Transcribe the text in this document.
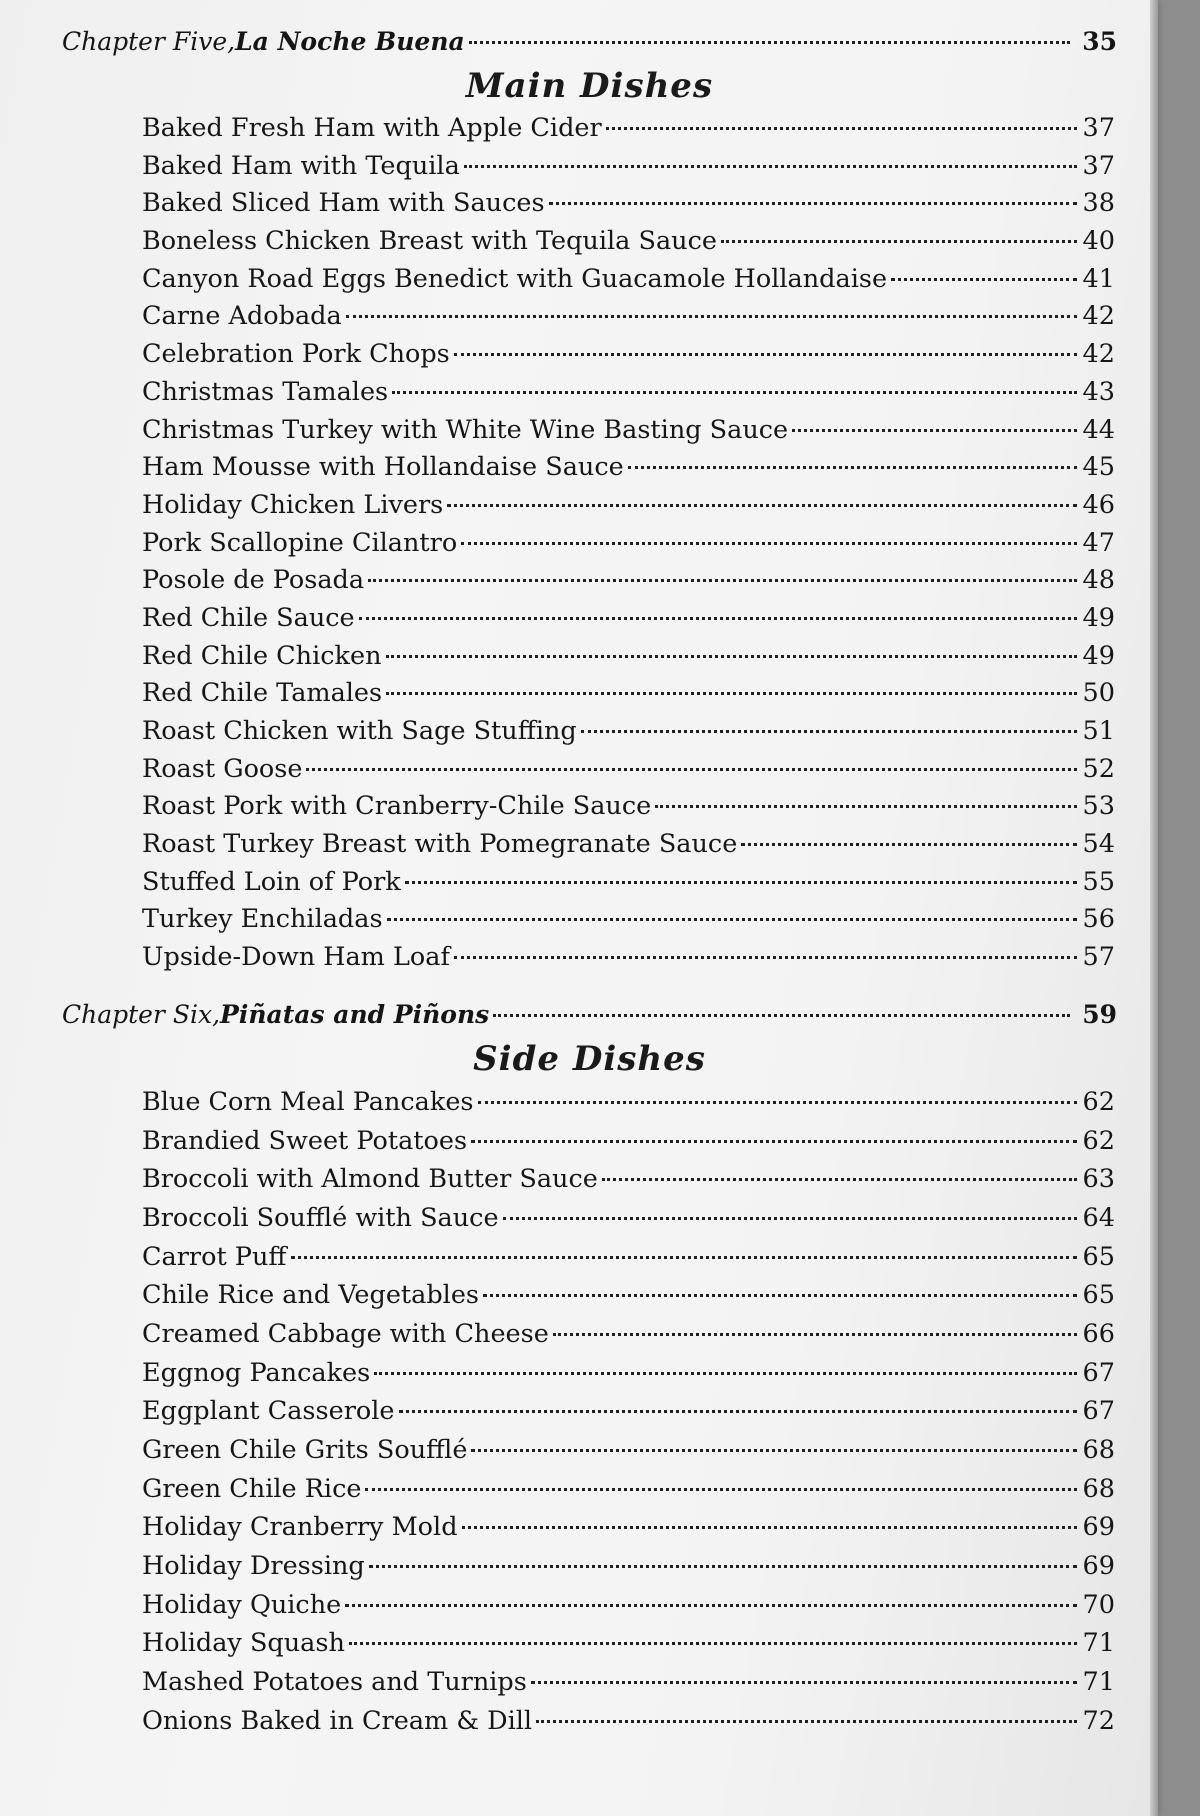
Chapter Five, La Noche Buena	35
Main Dishes
Baked Fresh Ham with Apple Cider	37
Baked Ham with Tequila	37
Baked Sliced Ham with Sauces	38
Boneless Chicken Breast with Tequila Sauce	40
Canyon Road Eggs Benedict with Guacamole Hollandaise	41
Carne Adobada	42
Celebration Pork Chops	42
Christmas Tamales	43
Christmas Turkey with White Wine Basting Sauce	44
Ham Mousse with Hollandaise Sauce	45
Holiday Chicken Livers	46
Pork Scallopine Cilantro	47
Posole de Posada	48
Red Chile Sauce	49
Red Chile Chicken	49
Red Chile Tamales	50
Roast Chicken with Sage Stuffing	51
Roast Goose	52
Roast Pork with Cranberry-Chile Sauce	53
Roast Turkey Breast with Pomegranate Sauce	54
Stuffed Loin of Pork	55
Turkey Enchiladas	56
Upside-Down Ham Loaf	57
Chapter Six, Piñatas and Piñons	59
Side Dishes
Blue Corn Meal Pancakes	62
Brandied Sweet Potatoes	62
Broccoli with Almond Butter Sauce	63
Broccoli Soufflé with Sauce	64
Carrot Puff	65
Chile Rice and Vegetables	65
Creamed Cabbage with Cheese	66
Eggnog Pancakes	67
Eggplant Casserole	67
Green Chile Grits Soufflé	68
Green Chile Rice	68
Holiday Cranberry Mold	69
Holiday Dressing	69
Holiday Quiche	70
Holiday Squash	71
Mashed Potatoes and Turnips	71
Onions Baked in Cream & Dill	72
